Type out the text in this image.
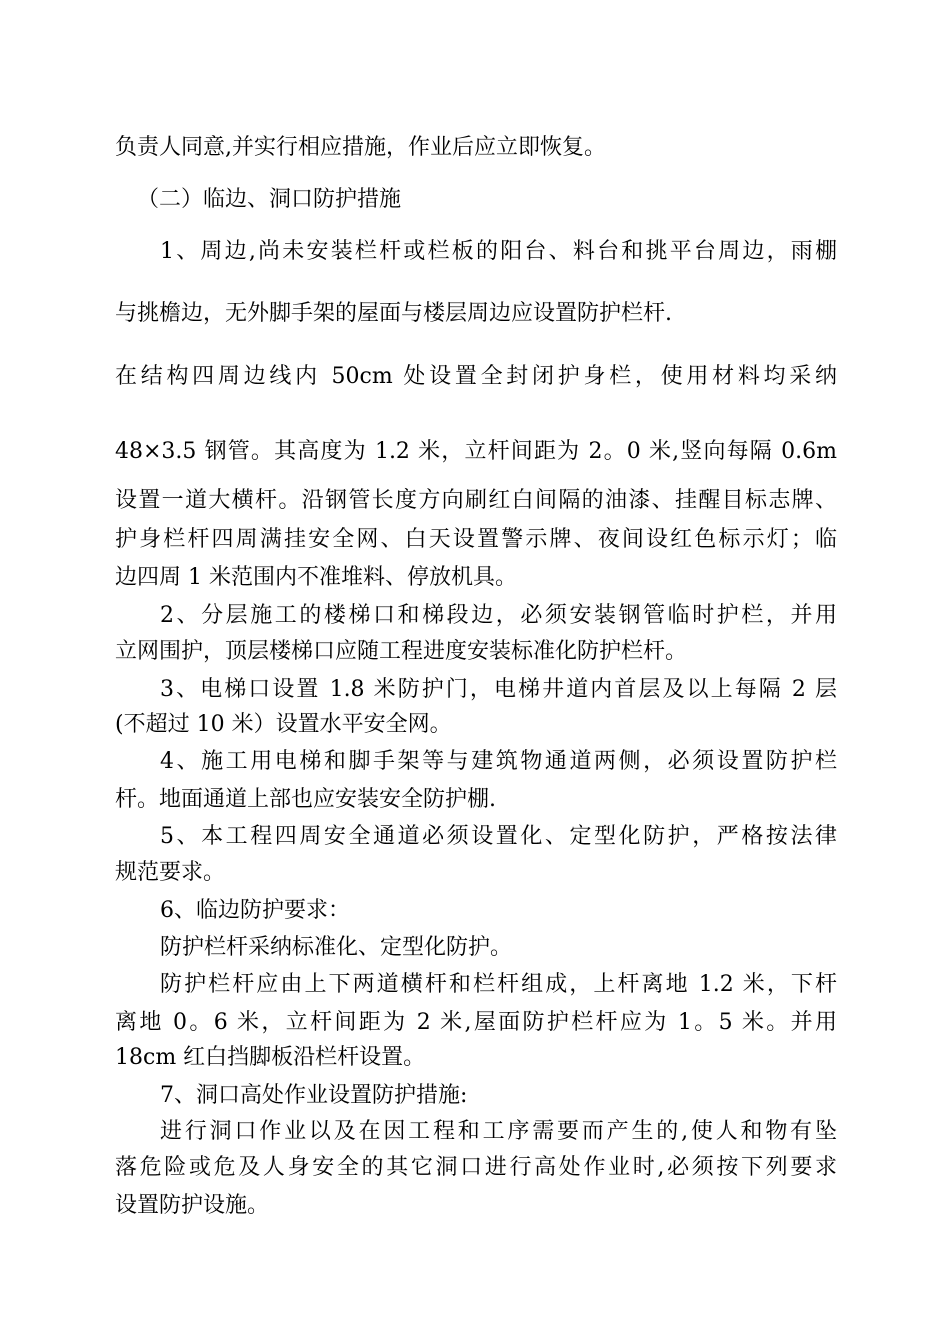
负责人同意,并实行相应措施，作业后应立即恢复。
（二）临边、洞口防护措施
1、周边,尚未安装栏杆或栏板的阳台、料台和挑平台周边，雨棚
与挑檐边，无外脚手架的屋面与楼层周边应设置防护栏杆.
在结构四周边线内 50cm 处设置全封闭护身栏，使用材料均采纳
48×3.5 钢管。其高度为 1.2 米，立杆间距为 2。0 米,竖向每隔 0.6m
设置一道大横杆。沿钢管长度方向刷红白间隔的油漆、挂醒目标志牌、
护身栏杆四周满挂安全网、白天设置警示牌、夜间设红色标示灯；临
边四周 1 米范围内不准堆料、停放机具。
2、分层施工的楼梯口和梯段边，必须安装钢管临时护栏，并用
立网围护，顶层楼梯口应随工程进度安装标准化防护栏杆。
3、电梯口设置 1.8 米防护门，电梯井道内首层及以上每隔 2 层
(不超过 10 米）设置水平安全网。
4、施工用电梯和脚手架等与建筑物通道两侧，必须设置防护栏
杆。地面通道上部也应安装安全防护棚.
5、本工程四周安全通道必须设置化、定型化防护，严格按法律
规范要求。
6、临边防护要求：
防护栏杆采纳标准化、定型化防护。
防护栏杆应由上下两道横杆和栏杆组成，上杆离地 1.2 米，下杆
离地 0。6 米，立杆间距为 2 米,屋面防护栏杆应为 1。5 米。并用
18cm 红白挡脚板沿栏杆设置。
7、洞口高处作业设置防护措施:
进行洞口作业以及在因工程和工序需要而产生的,使人和物有坠
落危险或危及人身安全的其它洞口进行高处作业时,必须按下列要求
设置防护设施。
